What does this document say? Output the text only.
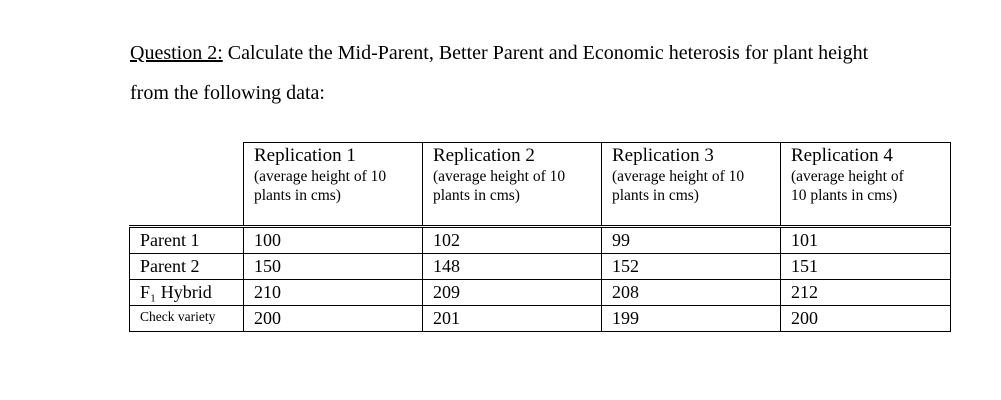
Question 2: Calculate the Mid-Parent, Better Parent and Economic heterosis for plant height
from the following data:

	Replication 1
(average height of 10
plants in cms)	Replication 2
(average height of 10
plants in cms)	Replication 3
(average height of 10
plants in cms)	Replication 4
(average height of
10 plants in cms)

Parent 1	100	102	99	101
Parent 2	150	148	152	151
F₁ Hybrid	210	209	208	212
Check variety	200	201	199	200
